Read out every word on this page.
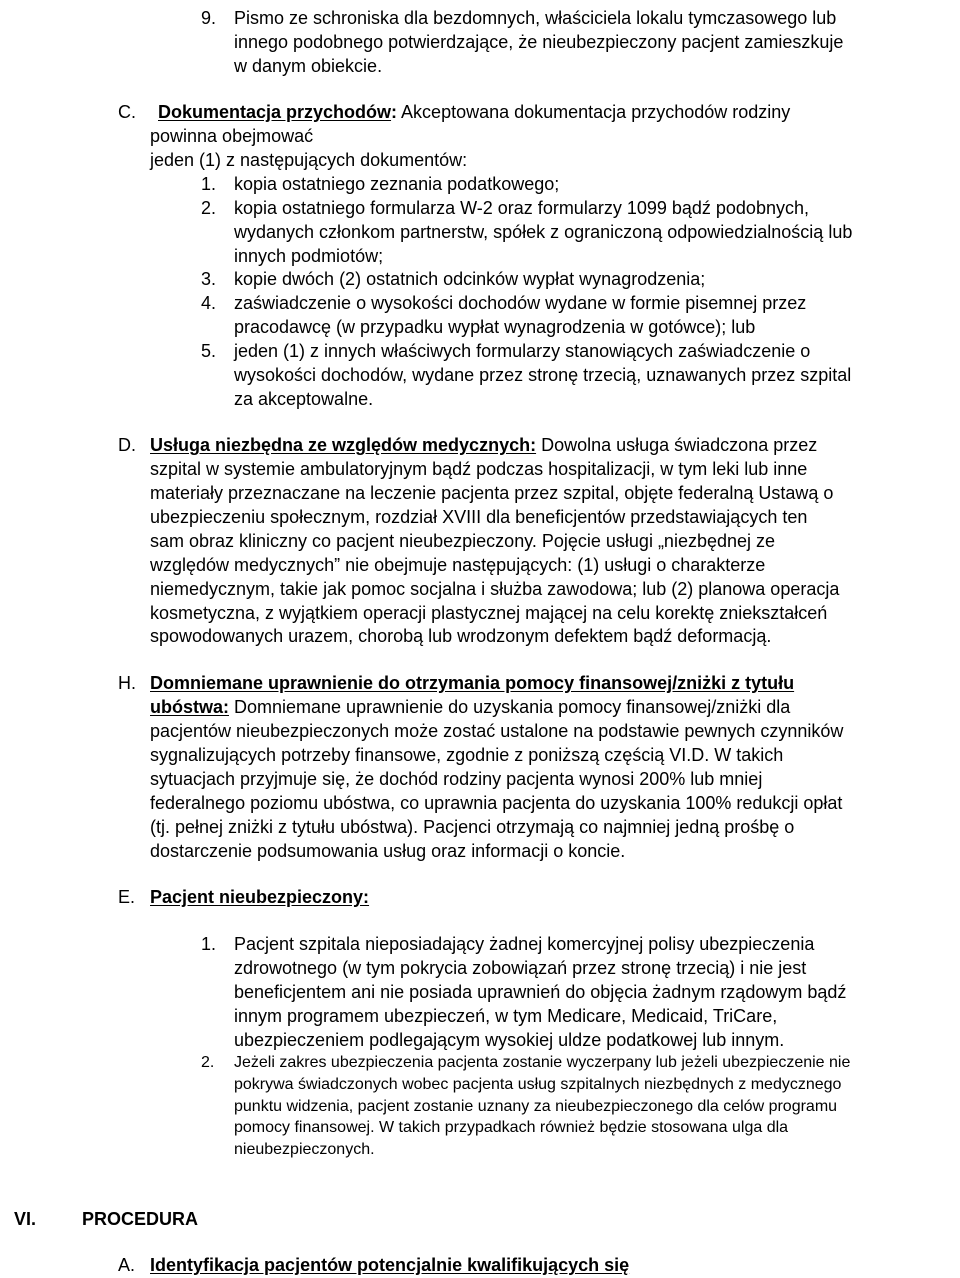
9. Pismo ze schroniska dla bezdomnych, właściciela lokalu tymczasowego lub
innego podobnego potwierdzające, że nieubezpieczony pacjent zamieszkuje
w danym obiekcie.
C.	Dokumentacja przychodów: Akceptowana dokumentacja przychodów rodziny
powinna obejmować
jeden (1) z następujących dokumentów:
1. kopia ostatniego zeznania podatkowego;
2. kopia ostatniego formularza W-2 oraz formularzy 1099 bądź podobnych,
wydanych członkom partnerstw, spółek z ograniczoną odpowiedzialnością lub
innych podmiotów;
3. kopie dwóch (2) ostatnich odcinków wypłat wynagrodzenia;
4. zaświadczenie o wysokości dochodów wydane w formie pisemnej przez
pracodawcę (w przypadku wypłat wynagrodzenia w gotówce); lub
5. jeden (1) z innych właściwych formularzy stanowiących zaświadczenie o
wysokości dochodów, wydane przez stronę trzecią, uznawanych przez szpital
za akceptowalne.
D. Usługa niezbędna ze względów medycznych: Dowolna usługa świadczona przez
szpital w systemie ambulatoryjnym bądź podczas hospitalizacji, w tym leki lub inne
materiały przeznaczane na leczenie pacjenta przez szpital, objęte federalną Ustawą o
ubezpieczeniu społecznym, rozdział XVIII dla beneficjentów przedstawiających ten
sam obraz kliniczny co pacjent nieubezpieczony. Pojęcie usługi „niezbędnej ze
względów medycznych” nie obejmuje następujących: (1) usługi o charakterze
niemedycznym, takie jak pomoc socjalna i służba zawodowa; lub (2) planowa operacja
kosmetyczna, z wyjątkiem operacji plastycznej mającej na celu korektę zniekształceń
spowodowanych urazem, chorobą lub wrodzonym defektem bądź deformacją.
H. Domniemane uprawnienie do otrzymania pomocy finansowej/zniżki z tytułu
ubóstwa: Domniemane uprawnienie do uzyskania pomocy finansowej/zniżki dla
pacjentów nieubezpieczonych może zostać ustalone na podstawie pewnych czynników
sygnalizujących potrzeby finansowe, zgodnie z poniższą częścią VI.D. W takich
sytuacjach przyjmuje się, że dochód rodziny pacjenta wynosi 200% lub mniej
federalnego poziomu ubóstwa, co uprawnia pacjenta do uzyskania 100% redukcji opłat
(tj. pełnej zniżki z tytułu ubóstwa). Pacjenci otrzymają co najmniej jedną prośbę o
dostarczenie podsumowania usług oraz informacji o koncie.
E. Pacjent nieubezpieczony:
1. Pacjent szpitala nieposiadający żadnej komercyjnej polisy ubezpieczenia
zdrowotnego (w tym pokrycia zobowiązań przez stronę trzecią) i nie jest
beneficjentem ani nie posiada uprawnień do objęcia żadnym rządowym bądź
innym programem ubezpieczeń, w tym Medicare, Medicaid, TriCare,
ubezpieczeniem podlegającym wysokiej uldze podatkowej lub innym.
2. Jeżeli zakres ubezpieczenia pacjenta zostanie wyczerpany lub jeżeli ubezpieczenie nie
pokrywa świadczonych wobec pacjenta usług szpitalnych niezbędnych z medycznego
punktu widzenia, pacjent zostanie uznany za nieubezpieczonego dla celów programu
pomocy finansowej. W takich przypadkach również będzie stosowana ulga dla
nieubezpieczonych.
VI.	PROCEDURA
A. Identyfikacja pacjentów potencjalnie kwalifikujących się
